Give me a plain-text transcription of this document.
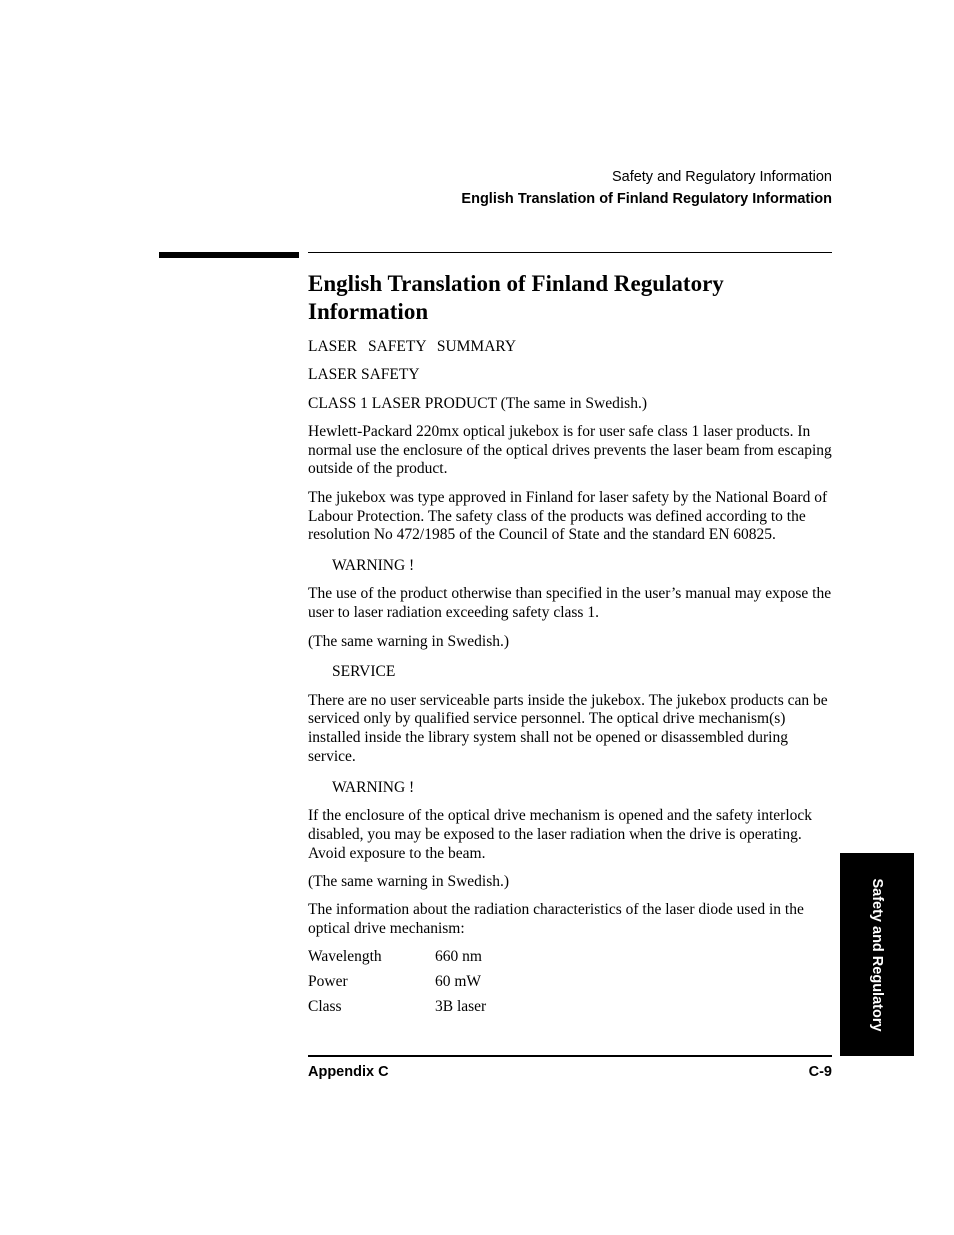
Safety and Regulatory Information
English Translation of Finland Regulatory Information
English Translation of Finland Regulatory Information

LASER SAFETY SUMMARY

LASER SAFETY

CLASS 1 LASER PRODUCT (The same in Swedish.)

Hewlett-Packard 220mx optical jukebox is for user safe class 1 laser products. In normal use the enclosure of the optical drives prevents the laser beam from escaping outside of the product.

The jukebox was type approved in Finland for laser safety by the National Board of Labour Protection. The safety class of the products was defined according to the resolution No 472/1985 of the Council of State and the standard EN 60825.

WARNING !

The use of the product otherwise than specified in the user’s manual may expose the user to laser radiation exceeding safety class 1.

(The same warning in Swedish.)

SERVICE

There are no user serviceable parts inside the jukebox. The jukebox products can be serviced only by qualified service personnel. The optical drive mechanism(s) installed inside the library system shall not be opened or disassembled during service.

WARNING !

If the enclosure of the optical drive mechanism is opened and the safety interlock disabled, you may be exposed to the laser radiation when the drive is operating. Avoid exposure to the beam.

(The same warning in Swedish.)

The information about the radiation characteristics of the laser diode used in the optical drive mechanism:

Wavelength	660 nm
Power	60 mW
Class	3B laser
Appendix C	C-9
Safety and Regulatory
